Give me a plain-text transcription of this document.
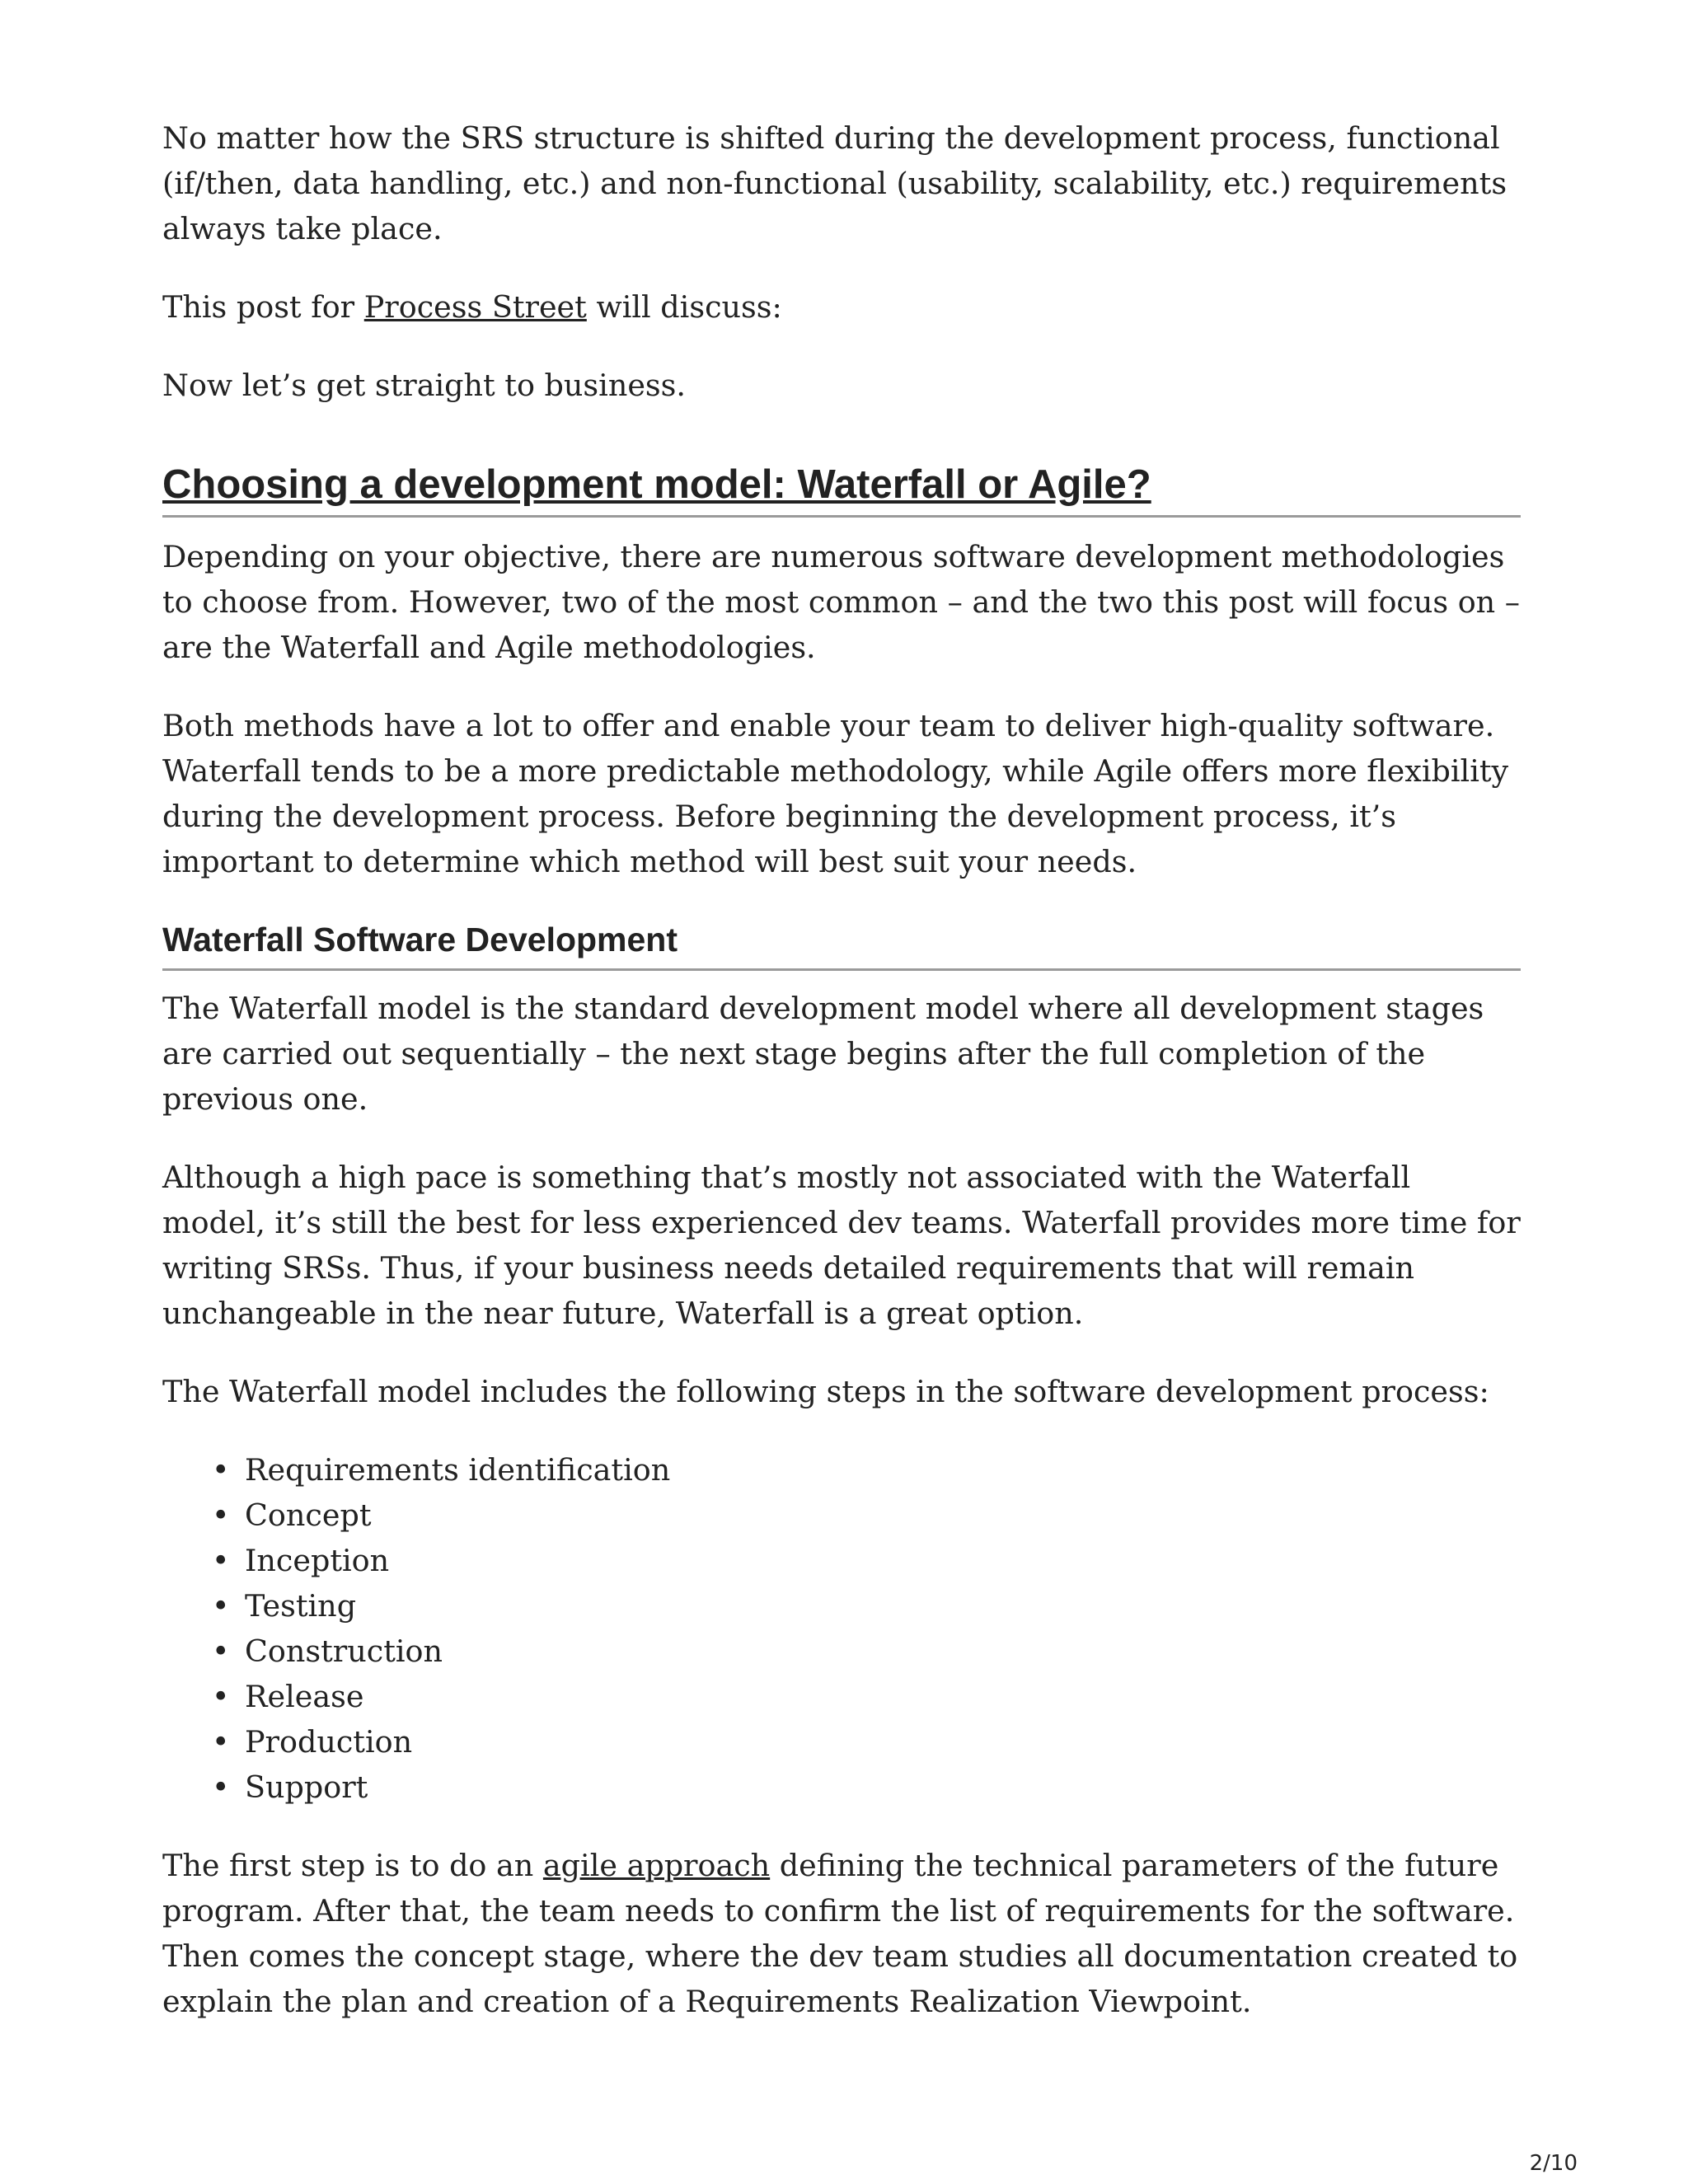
No matter how the SRS structure is shifted during the development process, functional (if/then, data handling, etc.) and non-functional (usability, scalability, etc.) requirements always take place.

This post for Process Street will discuss:

Now let’s get straight to business.

Choosing a development model: Waterfall or Agile?

Depending on your objective, there are numerous software development methodologies to choose from. However, two of the most common – and the two this post will focus on – are the Waterfall and Agile methodologies.

Both methods have a lot to offer and enable your team to deliver high-quality software. Waterfall tends to be a more predictable methodology, while Agile offers more flexibility during the development process. Before beginning the development process, it’s important to determine which method will best suit your needs.

Waterfall Software Development

The Waterfall model is the standard development model where all development stages are carried out sequentially – the next stage begins after the full completion of the previous one.

Although a high pace is something that’s mostly not associated with the Waterfall model, it’s still the best for less experienced dev teams. Waterfall provides more time for writing SRSs. Thus, if your business needs detailed requirements that will remain unchangeable in the near future, Waterfall is a great option.

The Waterfall model includes the following steps in the software development process:

• Requirements identification
• Concept
• Inception
• Testing
• Construction
• Release
• Production
• Support

The first step is to do an agile approach defining the technical parameters of the future program. After that, the team needs to confirm the list of requirements for the software. Then comes the concept stage, where the dev team studies all documentation created to explain the plan and creation of a Requirements Realization Viewpoint.

2/10
